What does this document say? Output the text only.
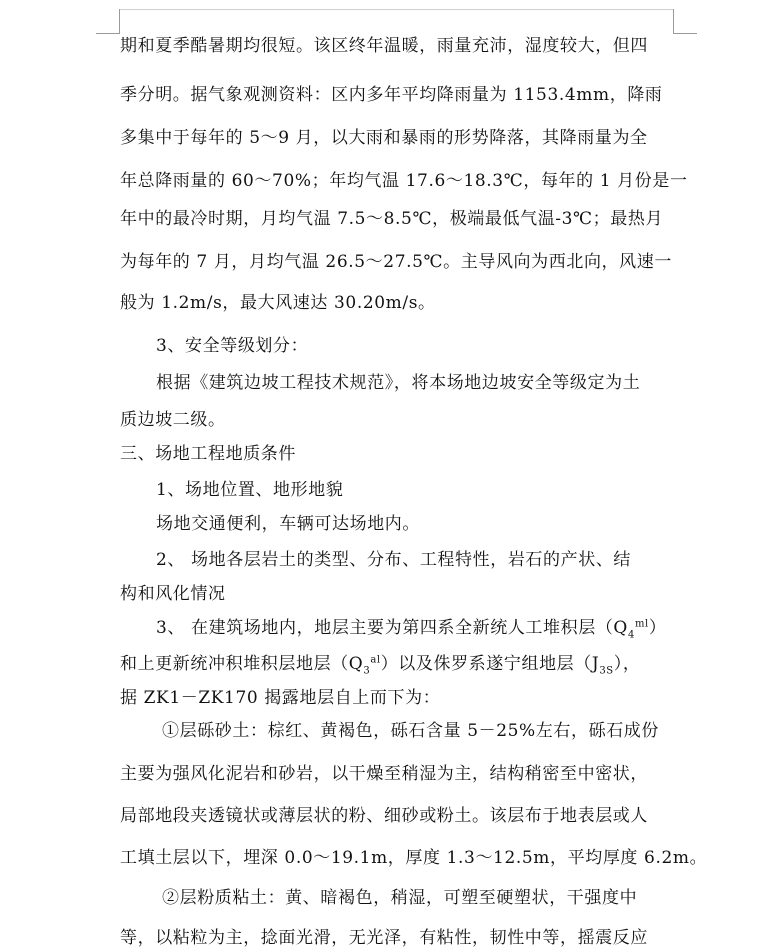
期和夏季酷暑期均很短。该区终年温暖，雨量充沛，湿度较大，但四
季分明。据气象观测资料：区内多年平均降雨量为 1153.4mm，降雨
多集中于每年的 5～9 月，以大雨和暴雨的形势降落，其降雨量为全
年总降雨量的 60～70%；年均气温 17.6～18.3℃，每年的 1 月份是一
年中的最冷时期，月均气温 7.5～8.5℃，极端最低气温-3℃；最热月
为每年的 7 月，月均气温 26.5～27.5℃。主导风向为西北向，风速一
般为 1.2m/s，最大风速达 30.20m/s。
3、安全等级划分：
根据《建筑边坡工程技术规范》，将本场地边坡安全等级定为土
质边坡二级。
三、场地工程地质条件
1、场地位置、地形地貌
场地交通便利，车辆可达场地内。
2、 场地各层岩土的类型、分布、工程特性，岩石的产状、结
构和风化情况
3、 在建筑场地内，地层主要为第四系全新统人工堆积层$(Q_4^{ml})$
和上更新统冲积堆积层地层$(Q_3^{al})$以及侏罗系遂宁组地层$(J_{3S})$，
据 ZK1－ZK170 揭露地层自上而下为：
①层砾砂土：棕红、黄褐色，砾石含量 5－25%左右，砾石成份
主要为强风化泥岩和砂岩，以干燥至稍湿为主，结构稍密至中密状，
局部地段夹透镜状或薄层状的粉、细砂或粉土。该层布于地表层或人
工填土层以下，埋深 0.0～19.1m，厚度 1.3～12.5m，平均厚度 6.2m。
②层粉质粘土：黄、暗褐色，稍湿，可塑至硬塑状，干强度中
等，以粘粒为主，捻面光滑，无光泽，有粘性，韧性中等，摇震反应
